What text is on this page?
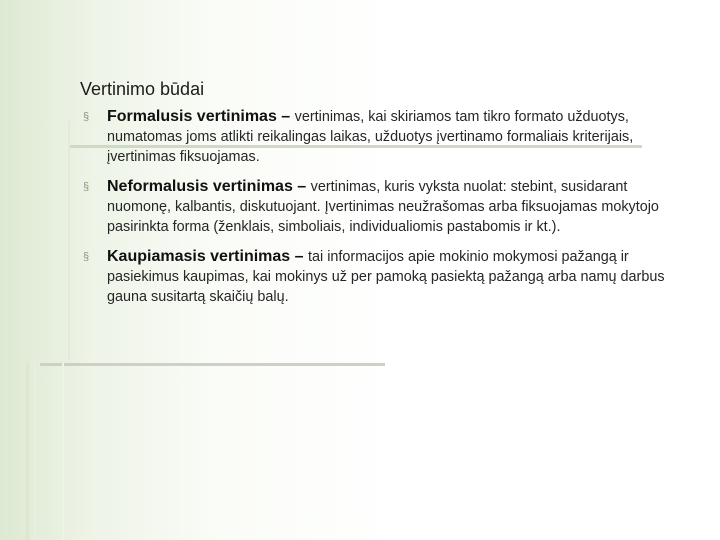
Vertinimo būdai
§ Formalusis vertinimas – vertinimas, kai skiriamos tam tikro formato užduotys, numatomas joms atlikti reikalingas laikas, užduotys įvertinamo formaliais kriterijais, įvertinimas fiksuojamas.
§ Neformalusis vertinimas – vertinimas, kuris vyksta nuolat: stebint, susidarant nuomonę, kalbantis, diskutuojant. Įvertinimas neužrašomas arba fiksuojamas mokytojo pasirinkta forma (ženklais, simboliais, individualiomis pastabomis ir kt.).
§ Kaupiamasis vertinimas – tai informacijos apie mokinio mokymosi pažangą ir pasiekimus kaupimas, kai mokinys už per pamoką pasiektą pažangą arba namų darbus gauna susitartą skaičių balų.
